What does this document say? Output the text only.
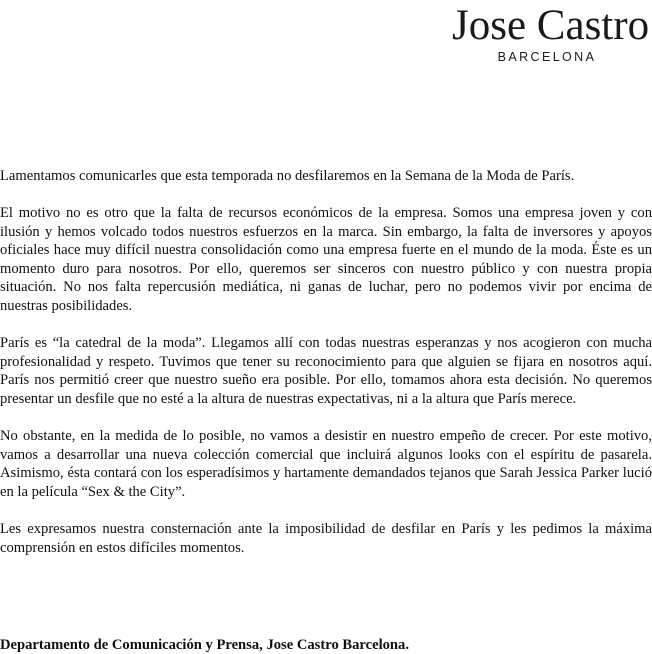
Jose Castro
BARCELONA

Lamentamos comunicarles que esta temporada no desfilaremos en la Semana de la Moda de París.

El motivo no es otro que la falta de recursos económicos de la empresa. Somos una empresa joven y con ilusión y hemos volcado todos nuestros esfuerzos en la marca. Sin embargo, la falta de inversores y apoyos oficiales hace muy difícil nuestra consolidación como una empresa fuerte en el mundo de la moda. Éste es un momento duro para nosotros. Por ello, queremos ser sinceros con nuestro público y con nuestra propia situación. No nos falta repercusión mediática, ni ganas de luchar, pero no podemos vivir por encima de nuestras posibilidades.

París es “la catedral de la moda”. Llegamos allí con todas nuestras esperanzas y nos acogieron con mucha profesionalidad y respeto. Tuvimos que tener su reconocimiento para que alguien se fijara en nosotros aquí. París nos permitió creer que nuestro sueño era posible. Por ello, tomamos ahora esta decisión. No queremos presentar un desfile que no esté a la altura de nuestras expectativas, ni a la altura que París merece.

No obstante, en la medida de lo posible, no vamos a desistir en nuestro empeño de crecer. Por este motivo, vamos a desarrollar una nueva colección comercial que incluirá algunos looks con el espíritu de pasarela. Asimismo, ésta contará con los esperadísimos y hartamente demandados tejanos que Sarah Jessica Parker lució en la película “Sex & the City”.

Les expresamos nuestra consternación ante la imposibilidad de desfilar en París y les pedimos la máxima comprensión en estos difíciles momentos.

Departamento de Comunicación y Prensa, Jose Castro Barcelona.
